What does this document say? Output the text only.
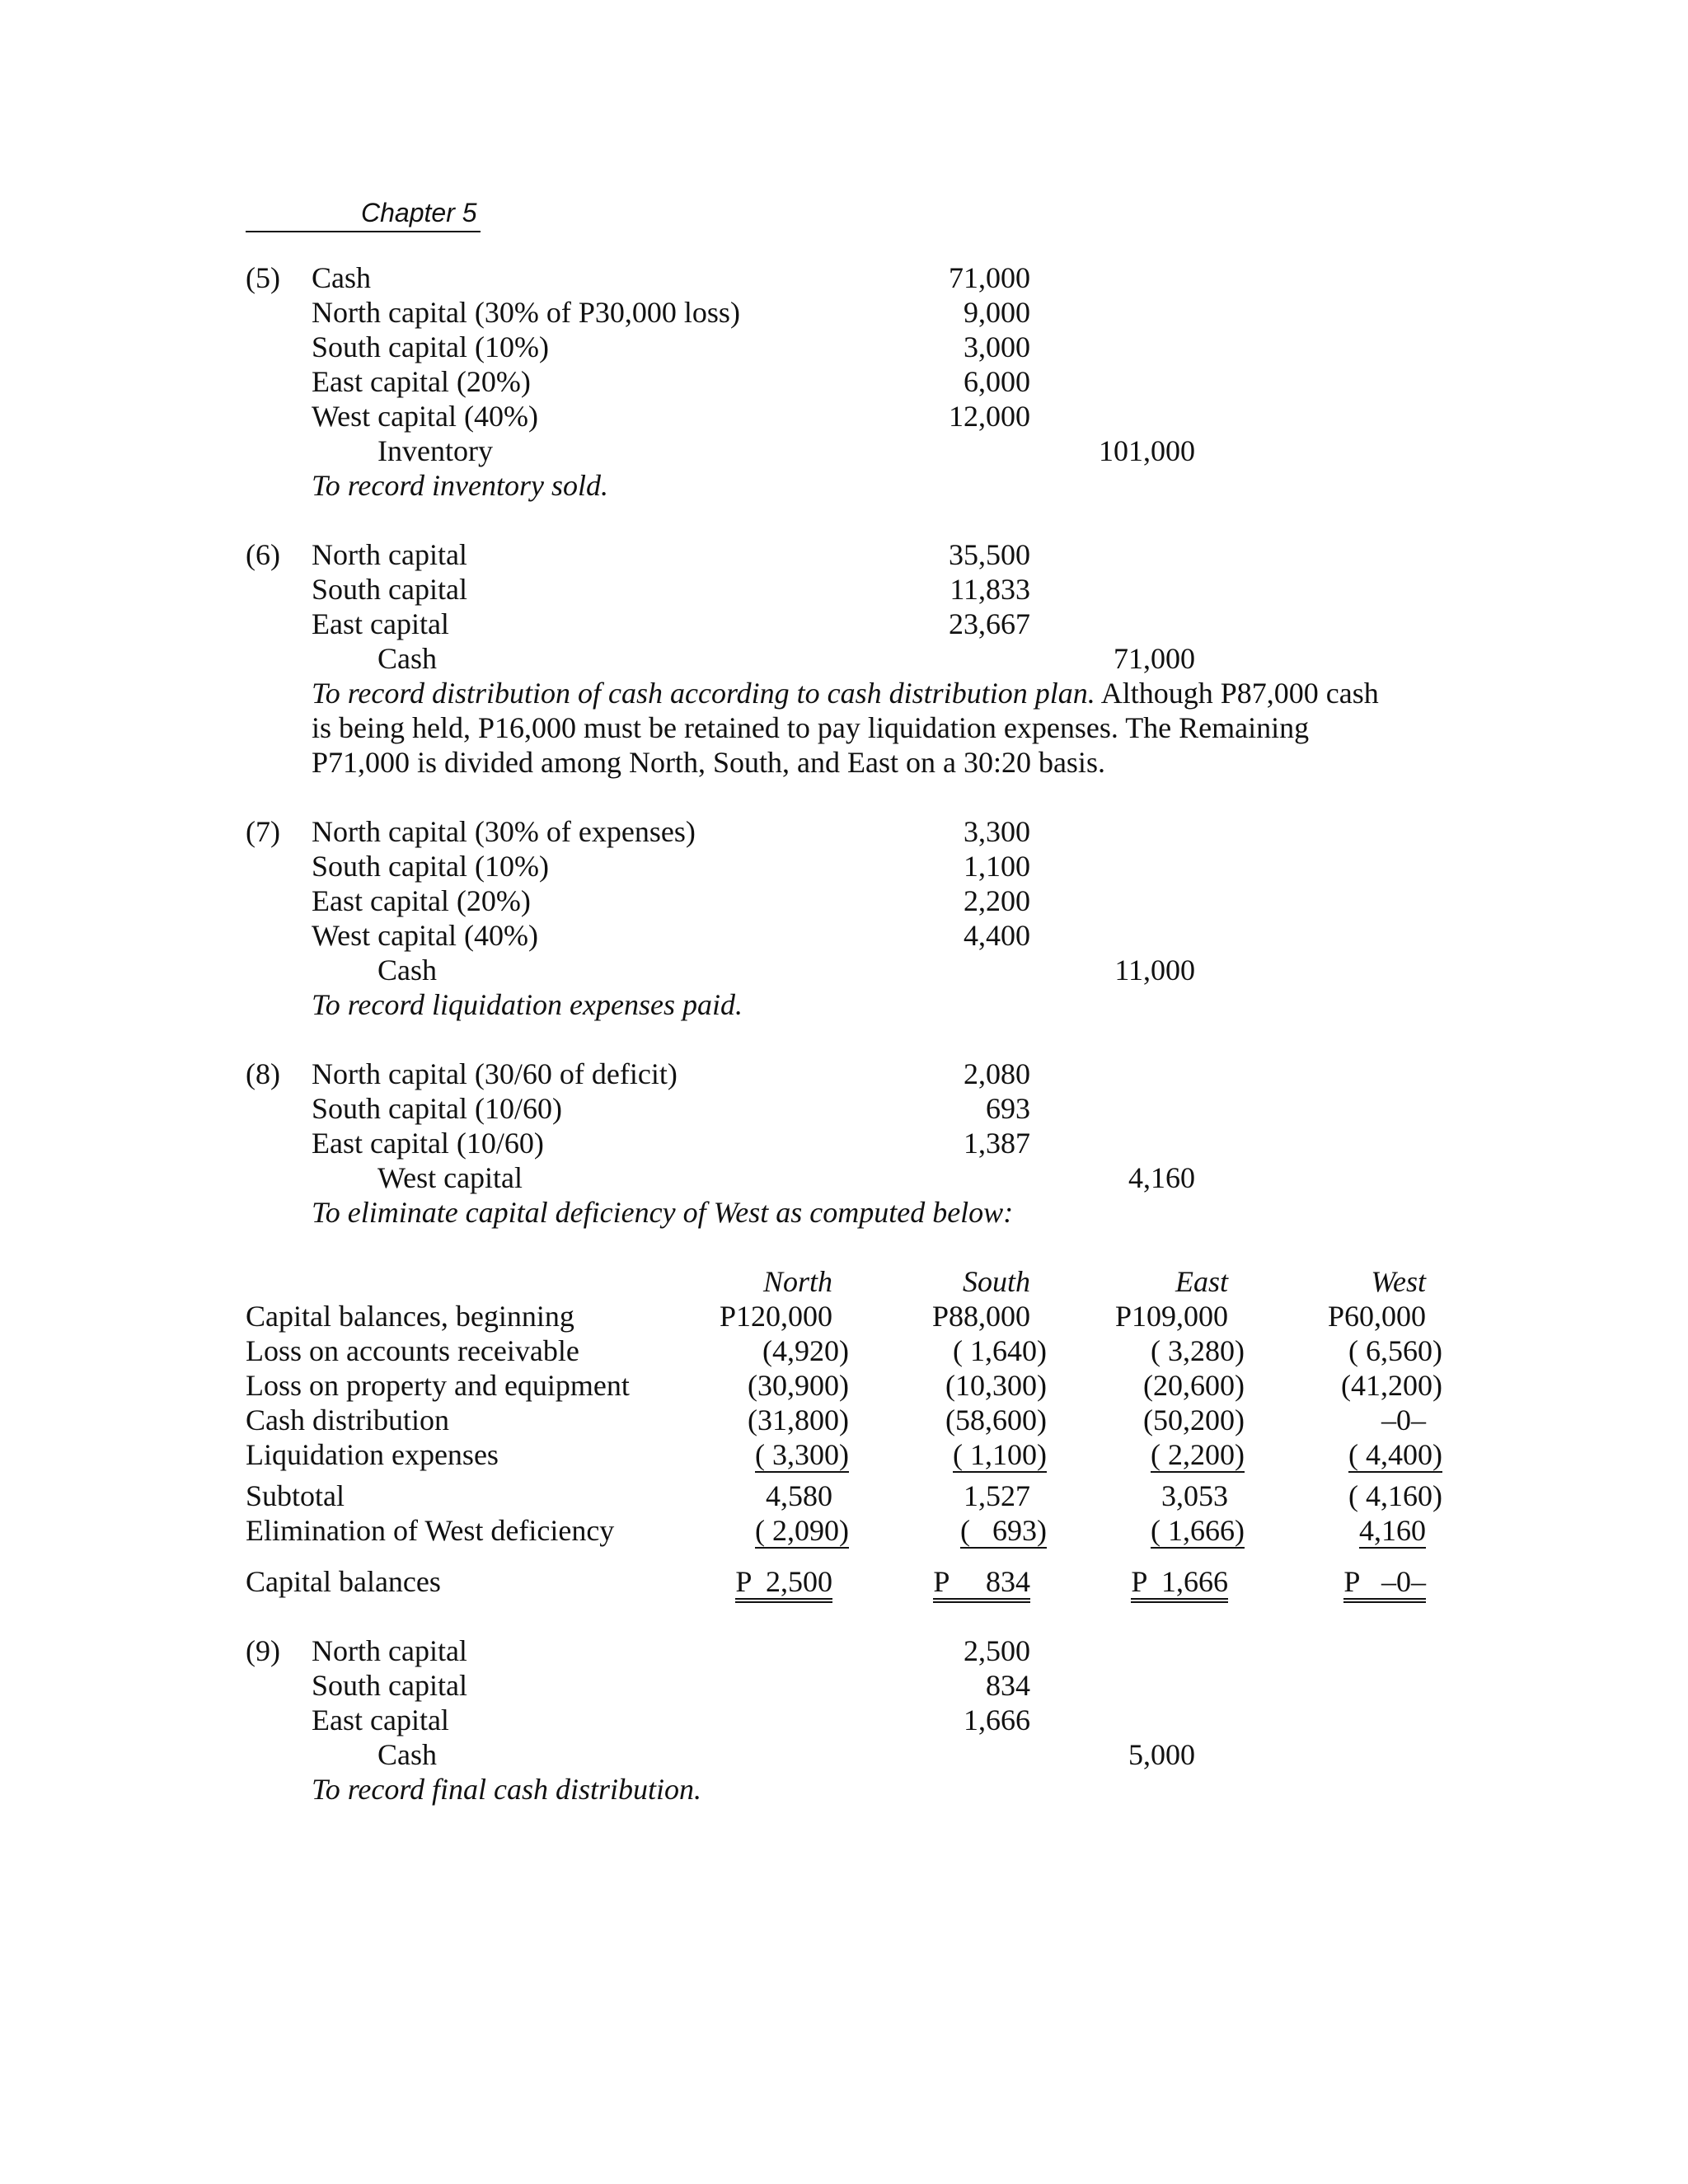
Chapter 5
(5) Cash	71,000
North capital (30% of P30,000 loss)	9,000
South capital (10%)	3,000
East capital (20%)	6,000
West capital (40%)	12,000
Inventory	101,000
To record inventory sold.
(6) North capital	35,500
South capital	11,833
East capital	23,667
Cash	71,000
To record distribution of cash according to cash distribution plan. Although P87,000 cash
is being held, P16,000 must be retained to pay liquidation expenses. The Remaining
P71,000 is divided among North, South, and East on a 30:20 basis.
(7) North capital (30% of expenses)	3,300
South capital (10%)	1,100
East capital (20%)	2,200
West capital (40%)	4,400
Cash	11,000
To record liquidation expenses paid.
(8) North capital (30/60 of deficit)	2,080
South capital (10/60)	693
East capital (10/60)	1,387
West capital	4,160
To eliminate capital deficiency of West as computed below:
North	South	East	West
Capital balances, beginning	P120,000	P88,000	P109,000	P60,000
Loss on accounts receivable	(4,920)	( 1,640)	( 3,280)	( 6,560)
Loss on property and equipment	(30,900)	(10,300)	(20,600)	(41,200)
Cash distribution	(31,800)	(58,600)	(50,200)	–0–
Liquidation expenses	( 3,300)	( 1,100)	( 2,200)	( 4,400)
Subtotal	4,580	1,527	3,053	( 4,160)
Elimination of West deficiency	( 2,090)	(   693)	( 1,666)	4,160
Capital balances	P  2,500	P     834	P  1,666	P   –0–
(9) North capital	2,500
South capital	834
East capital	1,666
Cash	5,000
To record final cash distribution.
